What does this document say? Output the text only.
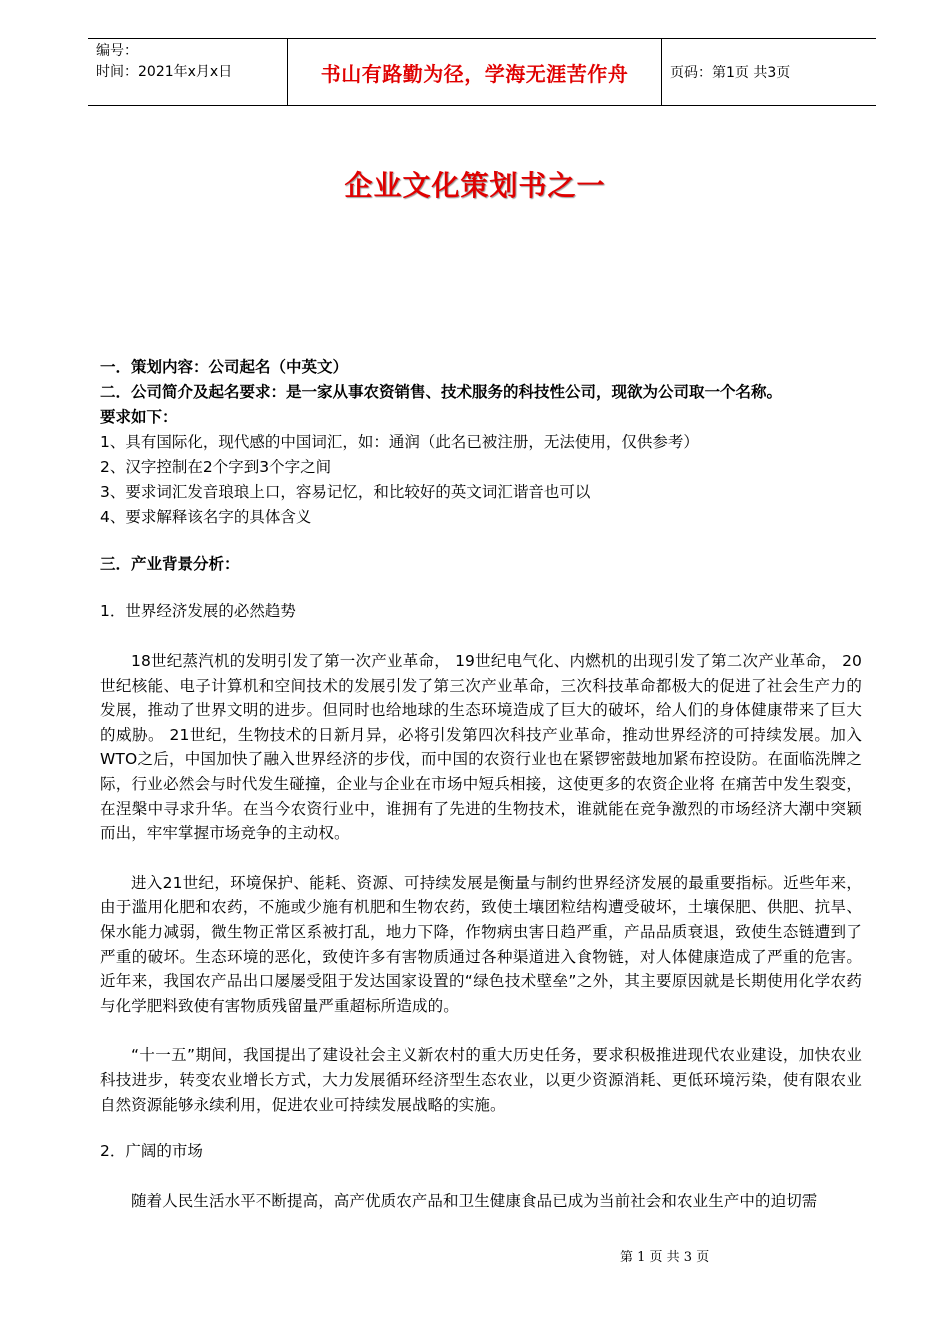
编号：
时间：2021年x月x日	书山有路勤为径，学海无涯苦作舟	页码：第1页 共3页
企业文化策划书之一
一．策划内容：公司起名（中英文）
二．公司简介及起名要求：是一家从事农资销售、技术服务的科技性公司，现欲为公司取一个名称。
要求如下：
1、具有国际化，现代感的中国词汇，如：通润（此名已被注册，无法使用，仅供参考）
2、汉字控制在2个字到3个字之间
3、要求词汇发音琅琅上口，容易记忆，和比较好的英文词汇谐音也可以
4、要求解释该名字的具体含义
三．产业背景分析：
1．世界经济发展的必然趋势

18世纪蒸汽机的发明引发了第一次产业革命， 19世纪电气化、内燃机的出现引发了第二次产业革命， 20世纪核能、电子计算机和空间技术的发展引发了第三次产业革命，三次科技革命都极大的促进了社会生产力的发展，推动了世界文明的进步。但同时也给地球的生态环境造成了巨大的破坏，给人们的身体健康带来了巨大的威胁。 21世纪，生物技术的日新月异，必将引发第四次科技产业革命，推动世界经济的可持续发展。加入 WTO之后，中国加快了融入世界经济的步伐，而中国的农资行业也在紧锣密鼓地加紧布控设防。在面临洗牌之际，行业必然会与时代发生碰撞，企业与企业在市场中短兵相接，这使更多的农资企业将 在痛苦中发生裂变，在涅槃中寻求升华。在当今农资行业中，谁拥有了先进的生物技术，谁就能在竞争激烈的市场经济大潮中突颖而出，牢牢掌握市场竞争的主动权。

进入21世纪，环境保护、能耗、资源、可持续发展是衡量与制约世界经济发展的最重要指标。近些年来，由于滥用化肥和农药，不施或少施有机肥和生物农药，致使土壤团粒结构遭受破坏，土壤保肥、供肥、抗旱、保水能力减弱，微生物正常区系被打乱，地力下降，作物病虫害日趋严重，产品品质衰退，致使生态链遭到了严重的破坏。生态环境的恶化，致使许多有害物质通过各种渠道进入食物链，对人体健康造成了严重的危害。近年来，我国农产品出口屡屡受阻于发达国家设置的“绿色技术壁垒”之外，其主要原因就是长期使用化学农药与化学肥料致使有害物质残留量严重超标所造成的。

“十一五”期间，我国提出了建设社会主义新农村的重大历史任务，要求积极推进现代农业建设，加快农业科技进步，转变农业增长方式，大力发展循环经济型生态农业，以更少资源消耗、更低环境污染，使有限农业自然资源能够永续利用，促进农业可持续发展战略的实施。

2．广阔的市场

随着人民生活水平不断提高，高产优质农产品和卫生健康食品已成为当前社会和农业生产中的迫切需

第 1 页 共 3 页
